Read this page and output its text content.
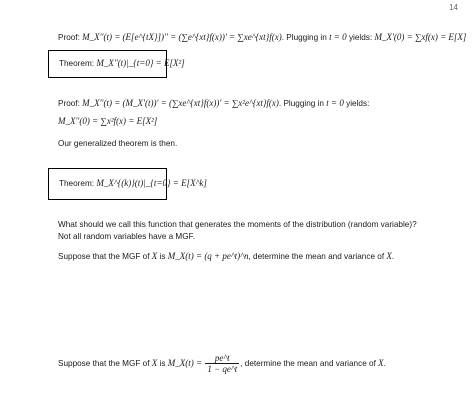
14
Proof: M_X''(t) = (E[e^{tX}])'' = (∑e^{xt}f(x))' = ∑xe^{xt}f(x). Plugging in t = 0 yields: M_X'(0) = ∑xf(x) = E[X]
Theorem: M_X''(t)|_{t=0} = E[X²]
Proof: M_X''(t) = (M_X'(t))' = (∑xe^{xt}f(x))' = ∑x²e^{xt}f(x). Plugging in t = 0 yields:
M_X''(0) = ∑x²f(x) = E[X²]
Our generalized theorem is then.
Theorem: M_X^{(k)}(t)|_{t=0} = E[X^k]
What should we call this function that generates the moments of the distribution (random variable)?
Not all random variables have a MGF.
Suppose that the MGF of X is M_X(t) = (q + pe^t)^n, determine the mean and variance of X.
Suppose that the MGF of X is M_X(t) = $\frac{pe\^{}t}{1 - qe\^{}t}$ , determine the mean and variance of X.
